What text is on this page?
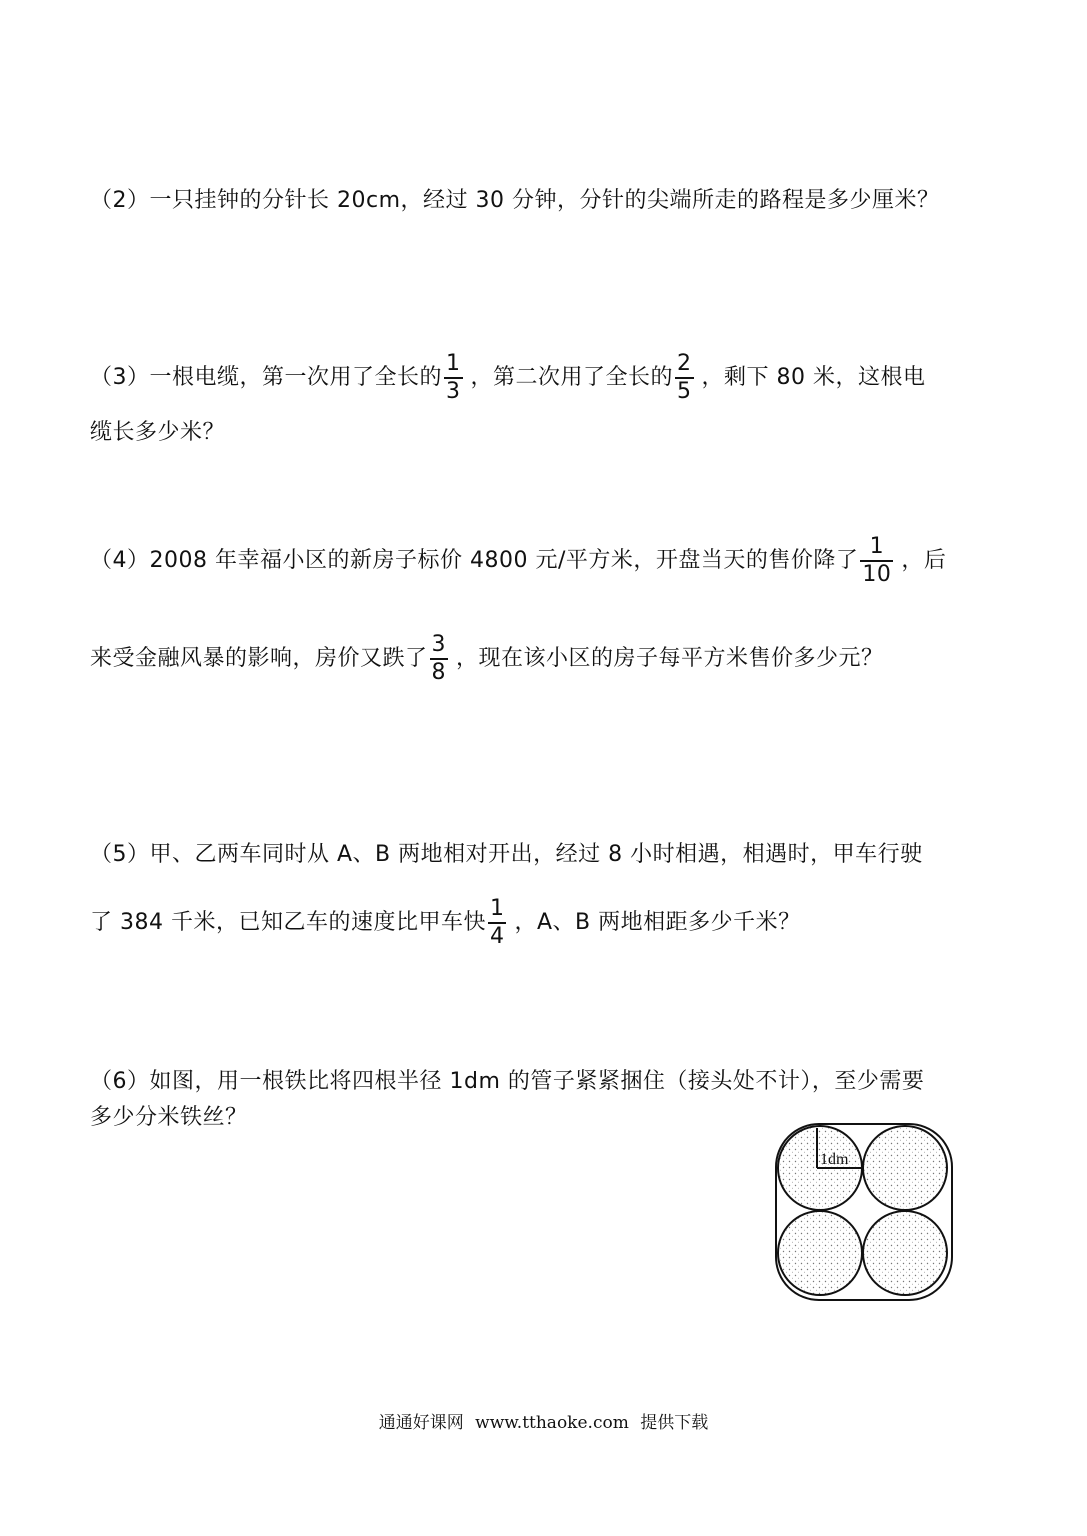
（2）一只挂钟的分针长 20cm，经过 30 分钟，分针的尖端所走的路程是多少厘米？
（3）一根电缆，第一次用了全长的 $\frac{1}{3}$ ，第二次用了全长的 $\frac{2}{5}$ ，剩下 80 米，这根电
缆长多少米？
（4）2008 年幸福小区的新房子标价 4800 元/平方米，开盘当天的售价降了 $\frac{1}{10}$ ，后
来受金融风暴的影响，房价又跌了 $\frac{3}{8}$ ，现在该小区的房子每平方米售价多少元？
（5）甲、乙两车同时从 A、B 两地相对开出，经过 8 小时相遇，相遇时，甲车行驶
了 384 千米，已知乙车的速度比甲车快 $\frac{1}{4}$ ，A、B 两地相距多少千米？
（6）如图，用一根铁比将四根半径 1dm 的管子紧紧捆住（接头处不计），至少需要
多少分米铁丝？
1dm
通通好课网 www.tthaoke.com 提供下载
